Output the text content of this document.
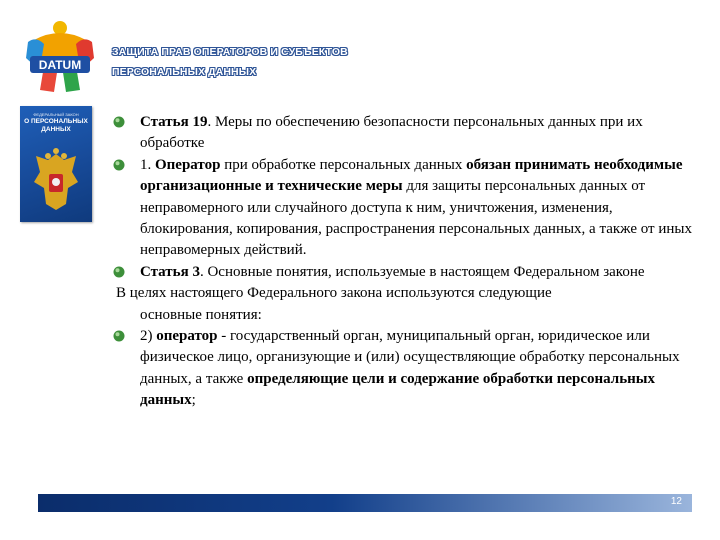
DATUM
ЗАЩИТА ПРАВ ОПЕРАТОРОВ И СУБЪЕКТОВ
ПЕРСОНАЛЬНЫХ ДАННЫХ
ФЕДЕРАЛЬНЫЙ ЗАКОН
О ПЕРСОНАЛЬНЫХ
ДАННЫХ	Статья 19. Меры по обеспечению безопасности персональных данных при их обработке

1. Оператор при обработке персональных данных обязан принимать необходимые организационные и технические меры для защиты персональных данных от неправомерного или случайного доступа к ним, уничтожения, изменения, блокирования, копирования, распространения персональных данных, а также от иных неправомерных действий.

Статья 3. Основные понятия, используемые в настоящем Федеральном законе

В целях настоящего Федерального закона используются следующие
основные понятия:

2) оператор - государственный орган, муниципальный орган, юридическое или физическое лицо, организующие и (или) осуществляющие обработку персональных данных, а также определяющие цели и содержание обработки персональных данных;

12
